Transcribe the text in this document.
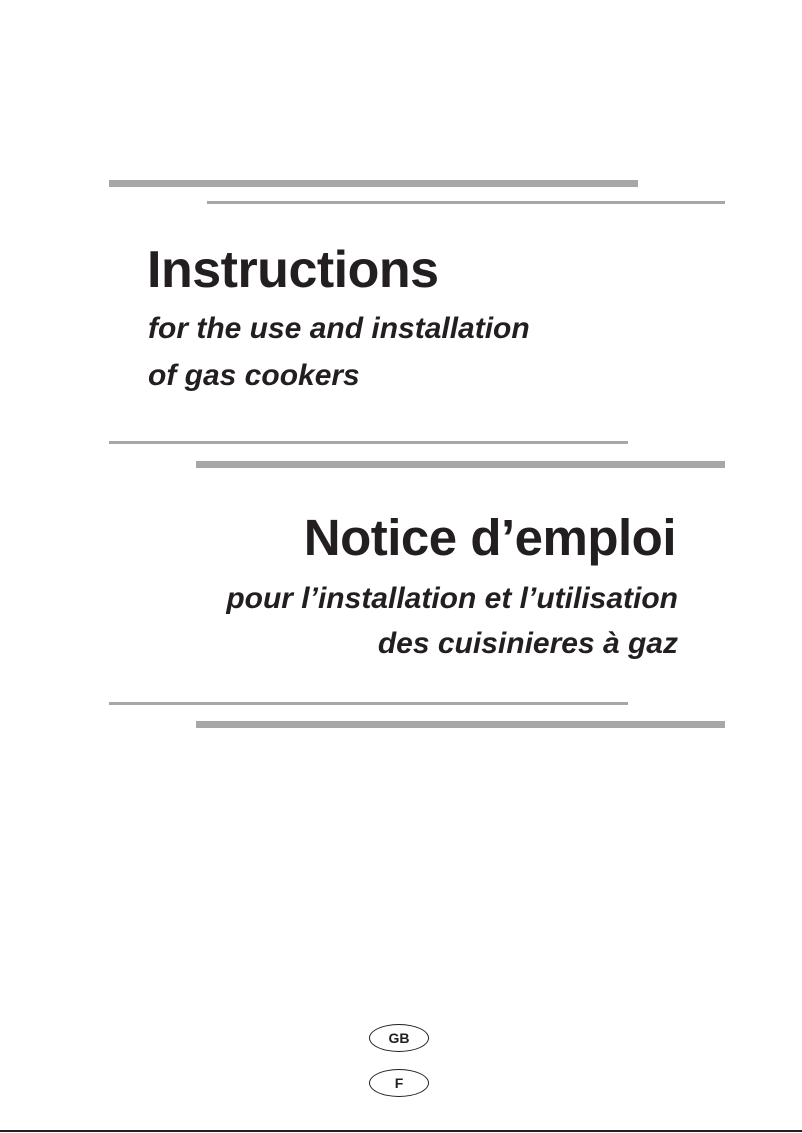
Instructions

for the use and installation
of gas cookers

Notice d’emploi

pour l’installation et l’utilisation
des cuisinieres à gaz

GB
F
